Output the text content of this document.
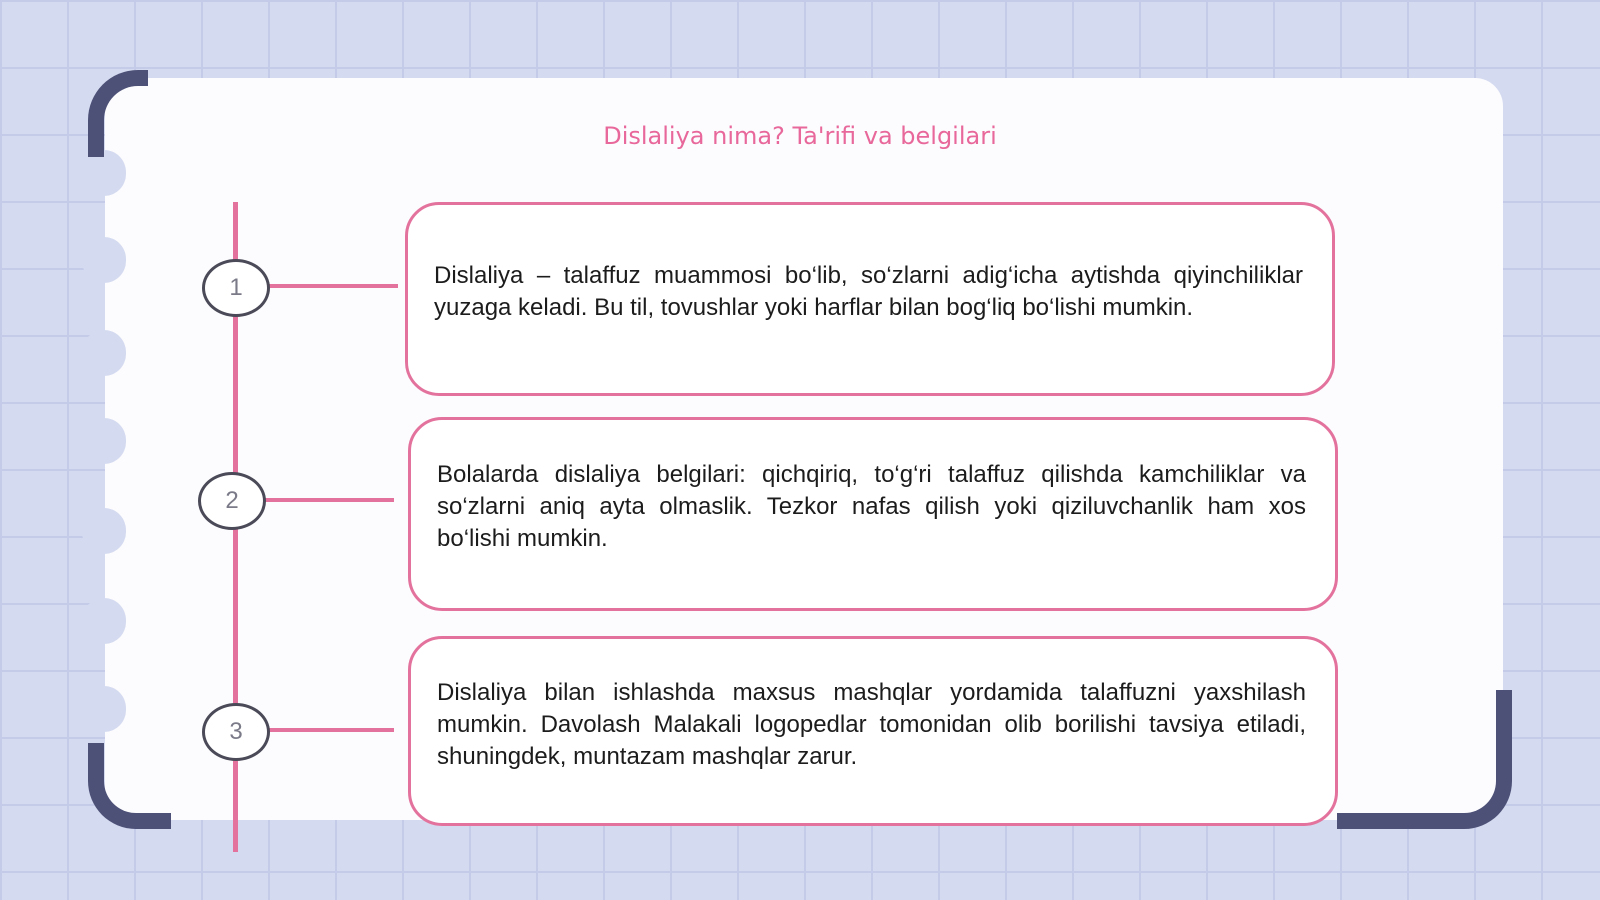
Dislaliya nima? Ta'rifi va belgilari
1
2
3

Dislaliya – talaffuz muammosi bo‘lib, so‘zlarni adig‘icha aytishda qiyinchiliklar yuzaga keladi. Bu til, tovushlar yoki harflar bilan bog‘liq bo‘lishi mumkin.

Bolalarda dislaliya belgilari: qichqiriq, to‘g‘ri talaffuz qilishda kamchiliklar va so‘zlarni aniq ayta olmaslik. Tezkor nafas qilish yoki qiziluvchanlik ham xos bo‘lishi mumkin.

Dislaliya bilan ishlashda maxsus mashqlar yordamida talaffuzni yaxshilash mumkin. Davolash Malakali logopedlar tomonidan olib borilishi tavsiya etiladi, shuningdek, muntazam mashqlar zarur.
